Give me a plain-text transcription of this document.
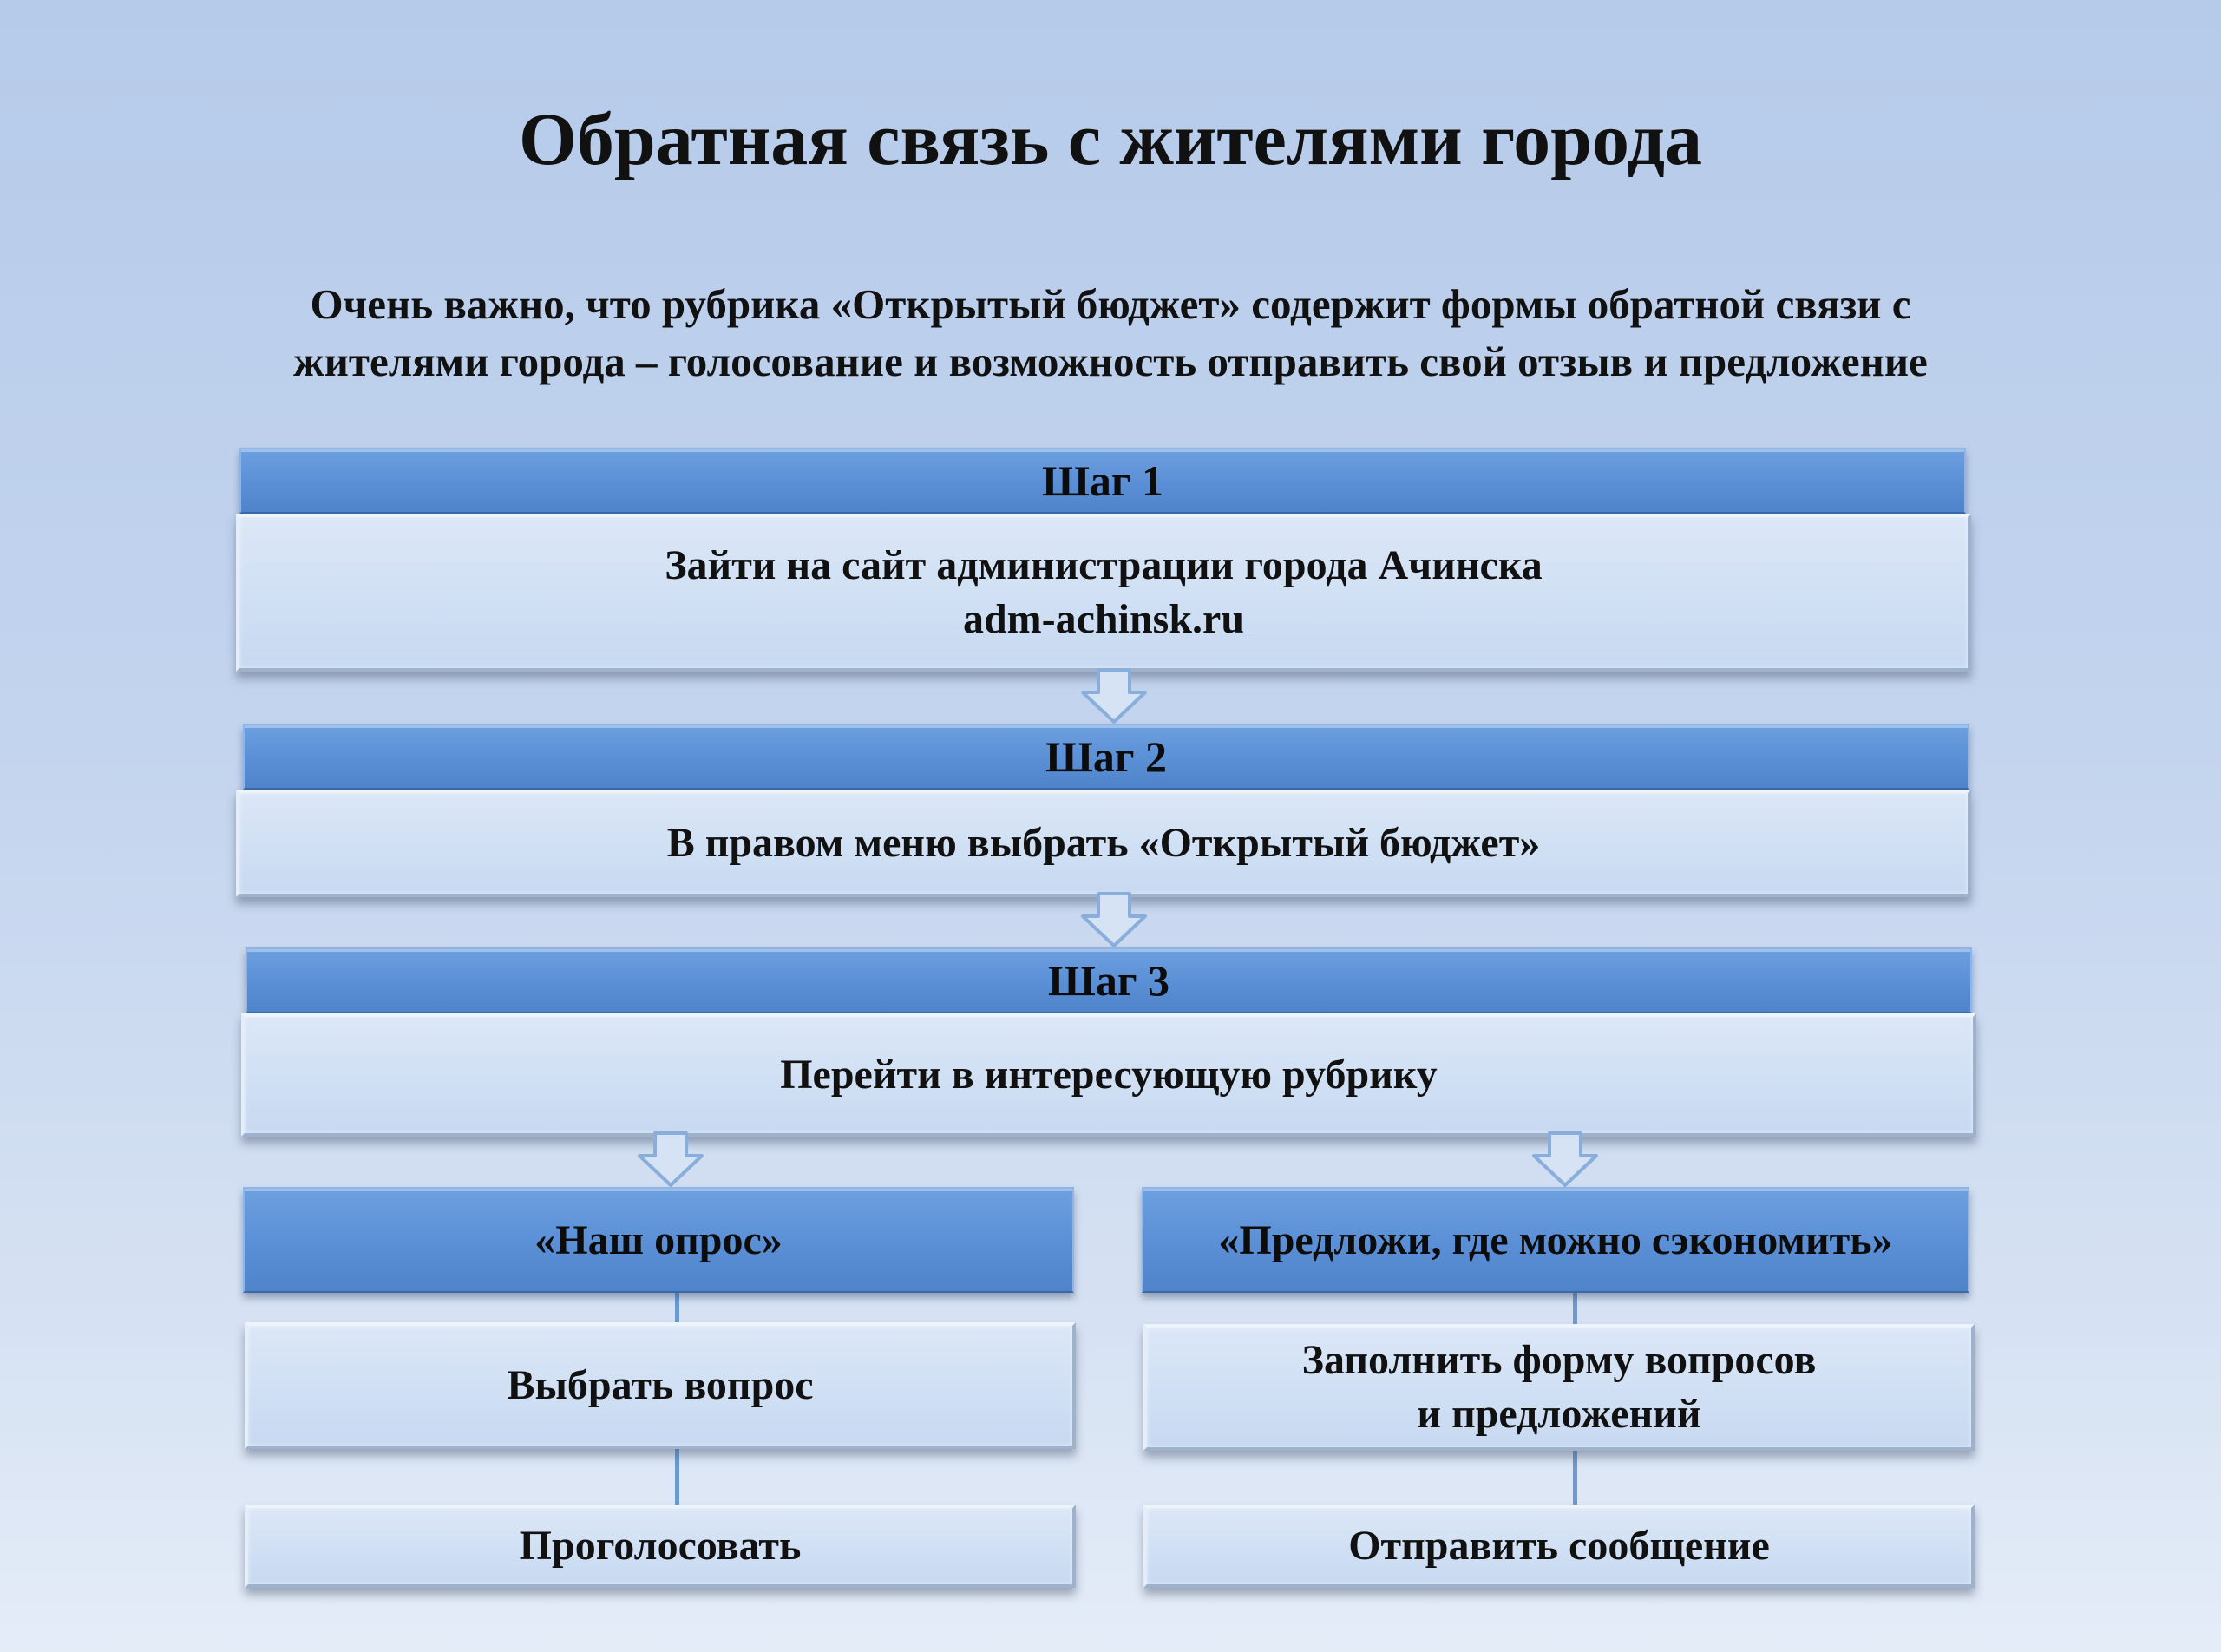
Обратная связь с жителями города
Очень важно, что рубрика «Открытый бюджет» содержит формы обратной связи с
жителями города – голосование и возможность отправить свой отзыв и предложение
Шаг 1
Зайти на сайт администрации города Ачинска
adm-achinsk.ru
Шаг 2
В правом меню выбрать «Открытый бюджет»
Шаг 3
Перейти в интересующую рубрику
«Наш опрос»
Выбрать вопрос
Проголосовать
«Предложи, где можно сэкономить»
Заполнить форму вопросов
и предложений
Отправить сообщение
